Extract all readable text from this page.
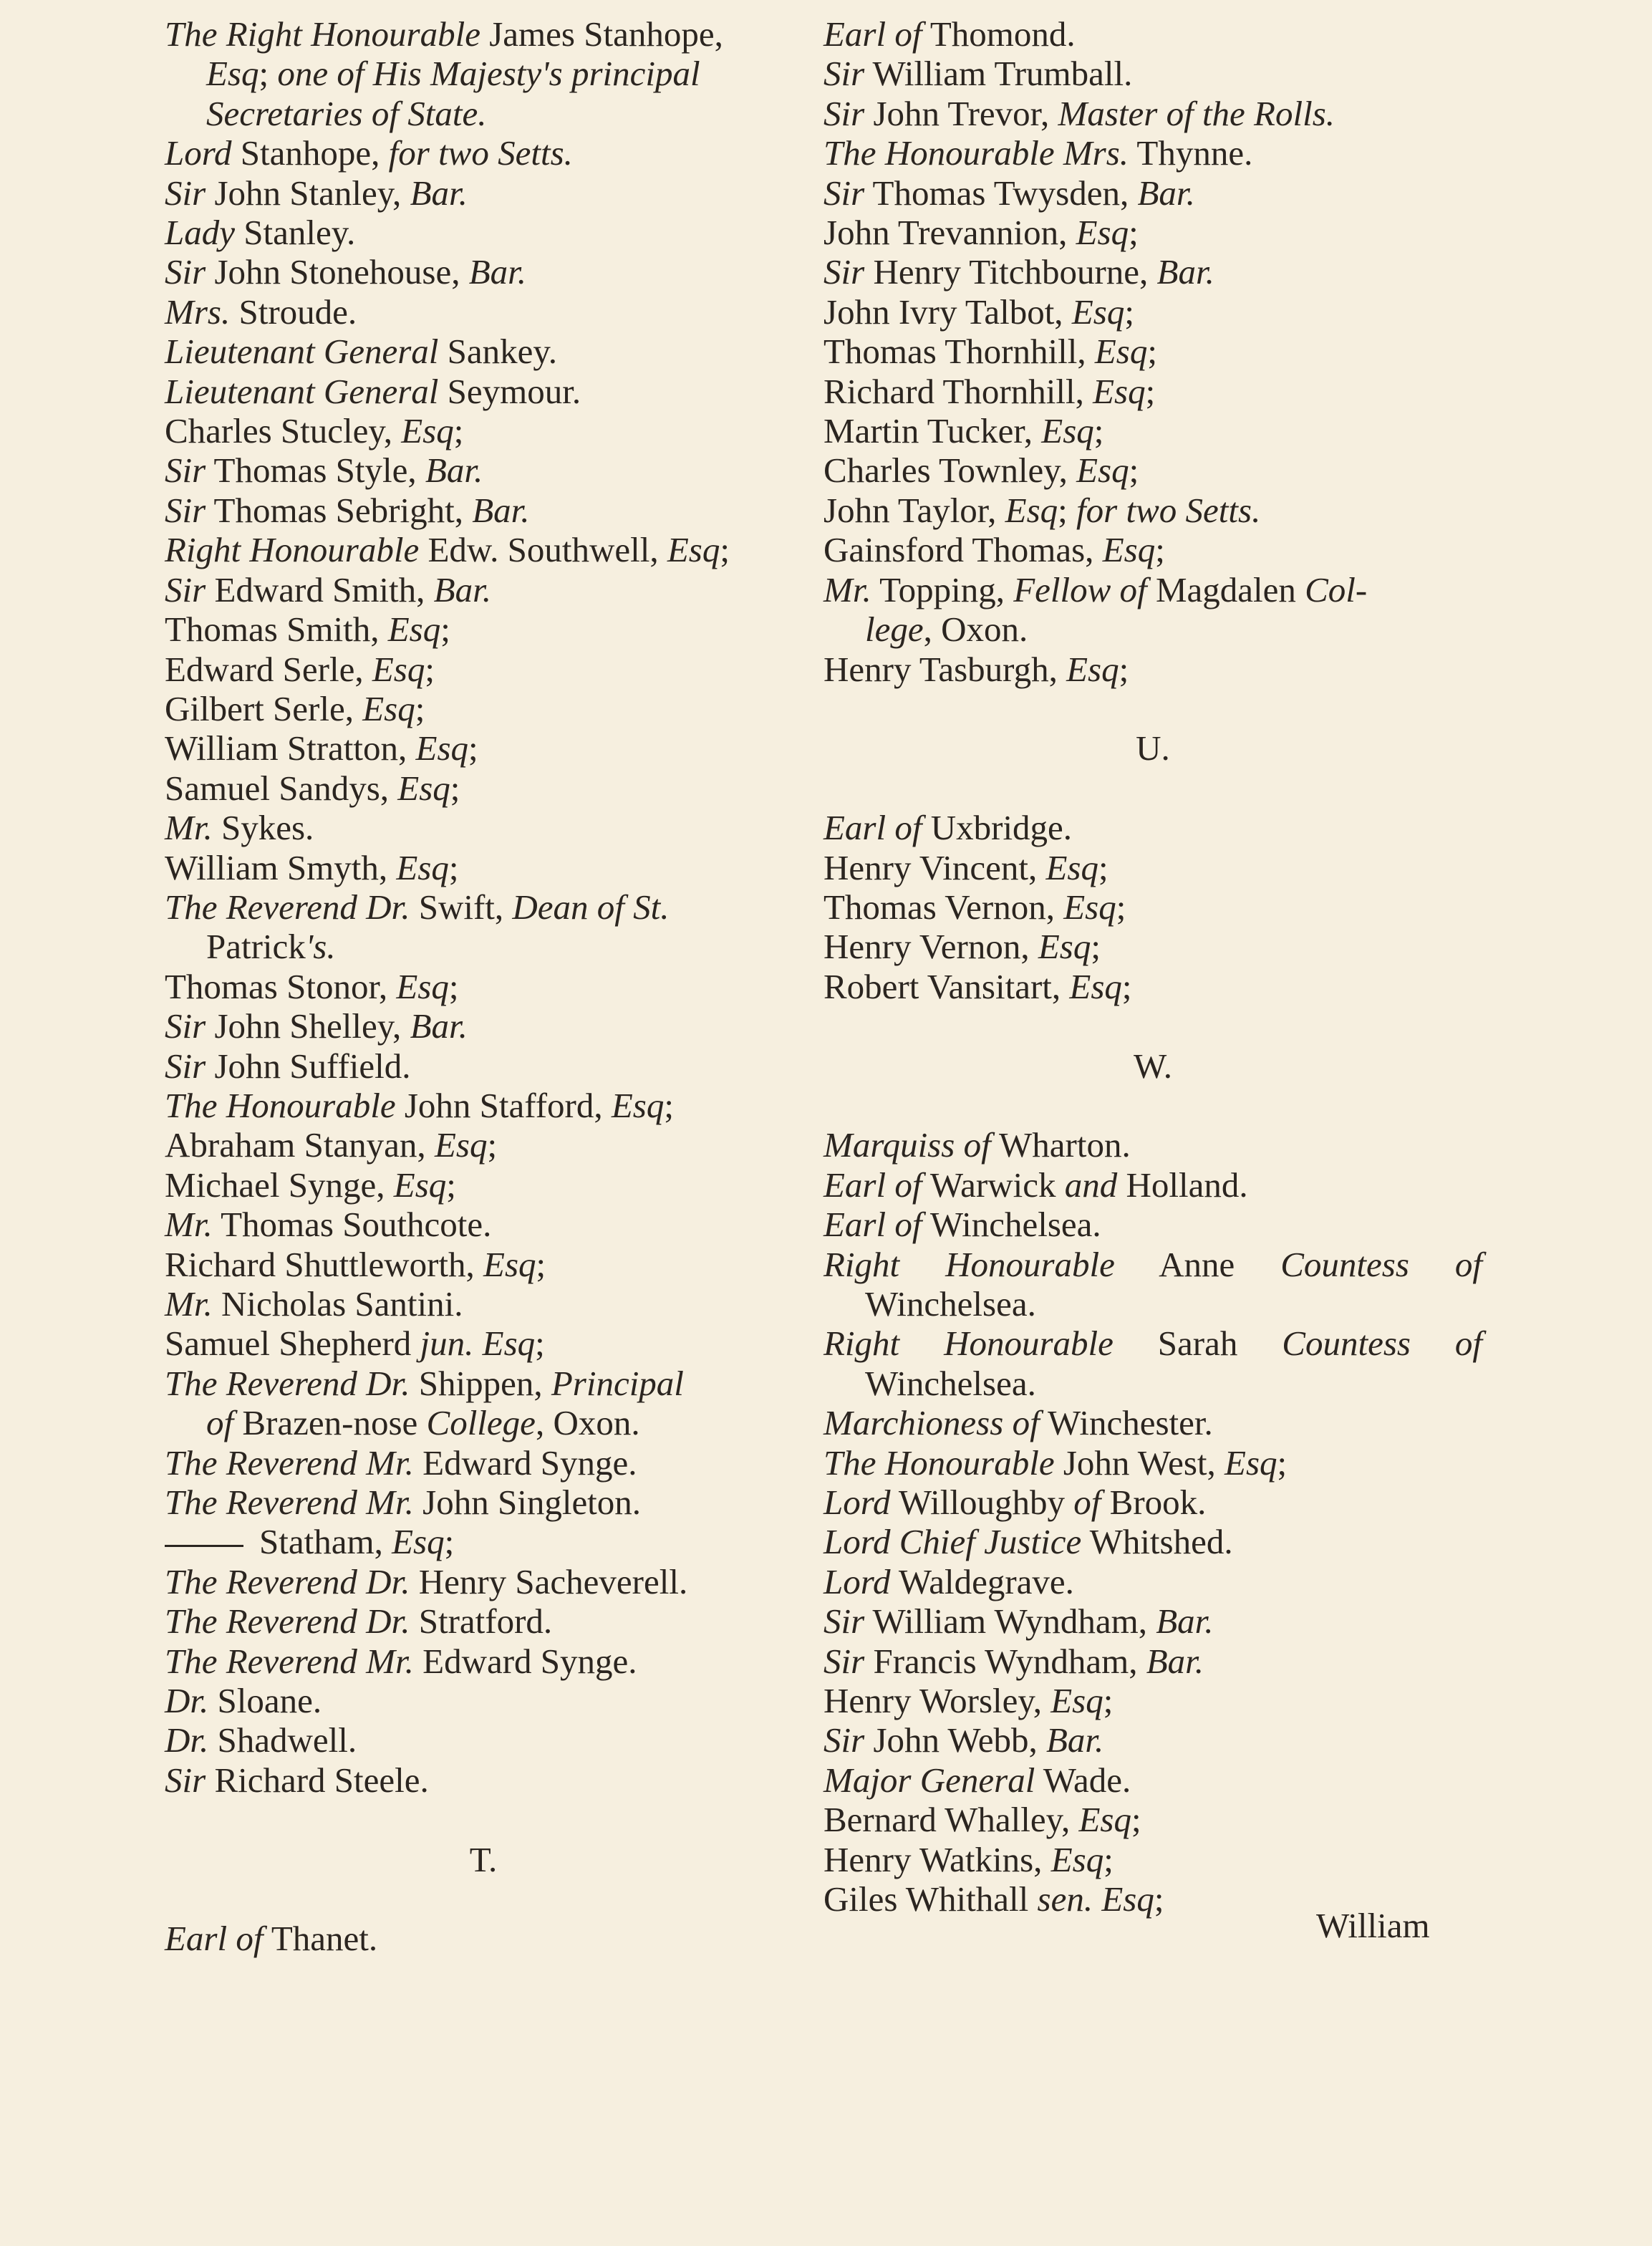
The Right Honourable James Stanhope,
Esq; one of His Majesty's principal
Secretaries of State.
Lord Stanhope, for two Setts.
Sir John Stanley, Bar.
Lady Stanley.
Sir John Stonehouse, Bar.
Mrs. Stroude.
Lieutenant General Sankey.
Lieutenant General Seymour.
Charles Stucley, Esq;
Sir Thomas Style, Bar.
Sir Thomas Sebright, Bar.
Right Honourable Edw. Southwell, Esq;
Sir Edward Smith, Bar.
Thomas Smith, Esq;
Edward Serle, Esq;
Gilbert Serle, Esq;
William Stratton, Esq;
Samuel Sandys, Esq;
Mr. Sykes.
William Smyth, Esq;
The Reverend Dr. Swift, Dean of St.
Patrick's.
Thomas Stonor, Esq;
Sir John Shelley, Bar.
Sir John Suffield.
The Honourable John Stafford, Esq;
Abraham Stanyan, Esq;
Michael Synge, Esq;
Mr. Thomas Southcote.
Richard Shuttleworth, Esq;
Mr. Nicholas Santini.
Samuel Shepherd jun. Esq;
The Reverend Dr. Shippen, Principal
of Brazen-nose College, Oxon.
The Reverend Mr. Edward Synge.
The Reverend Mr. John Singleton.
Statham, Esq;
The Reverend Dr. Henry Sacheverell.
The Reverend Dr. Stratford.
The Reverend Mr. Edward Synge.
Dr. Sloane.
Dr. Shadwell.
Sir Richard Steele.
T.
Earl of Thanet.
Earl of Thomond.
Sir William Trumball.
Sir John Trevor, Master of the Rolls.
The Honourable Mrs. Thynne.
Sir Thomas Twysden, Bar.
John Trevannion, Esq;
Sir Henry Titchbourne, Bar.
John Ivry Talbot, Esq;
Thomas Thornhill, Esq;
Richard Thornhill, Esq;
Martin Tucker, Esq;
Charles Townley, Esq;
John Taylor, Esq; for two Setts.
Gainsford Thomas, Esq;
Mr. Topping, Fellow of Magdalen Col-
lege, Oxon.
Henry Tasburgh, Esq;
U.
Earl of Uxbridge.
Henry Vincent, Esq;
Thomas Vernon, Esq;
Henry Vernon, Esq;
Robert Vansitart, Esq;
W.
Marquiss of Wharton.
Earl of Warwick and Holland.
Earl of Winchelsea.
Right Honourable Anne Countess of
Winchelsea.
Right Honourable Sarah Countess of
Winchelsea.
Marchioness of Winchester.
The Honourable John West, Esq;
Lord Willoughby of Brook.
Lord Chief Justice Whitshed.
Lord Waldegrave.
Sir William Wyndham, Bar.
Sir Francis Wyndham, Bar.
Henry Worsley, Esq;
Sir John Webb, Bar.
Major General Wade.
Bernard Whalley, Esq;
Henry Watkins, Esq;
Giles Whithall sen. Esq;
William
